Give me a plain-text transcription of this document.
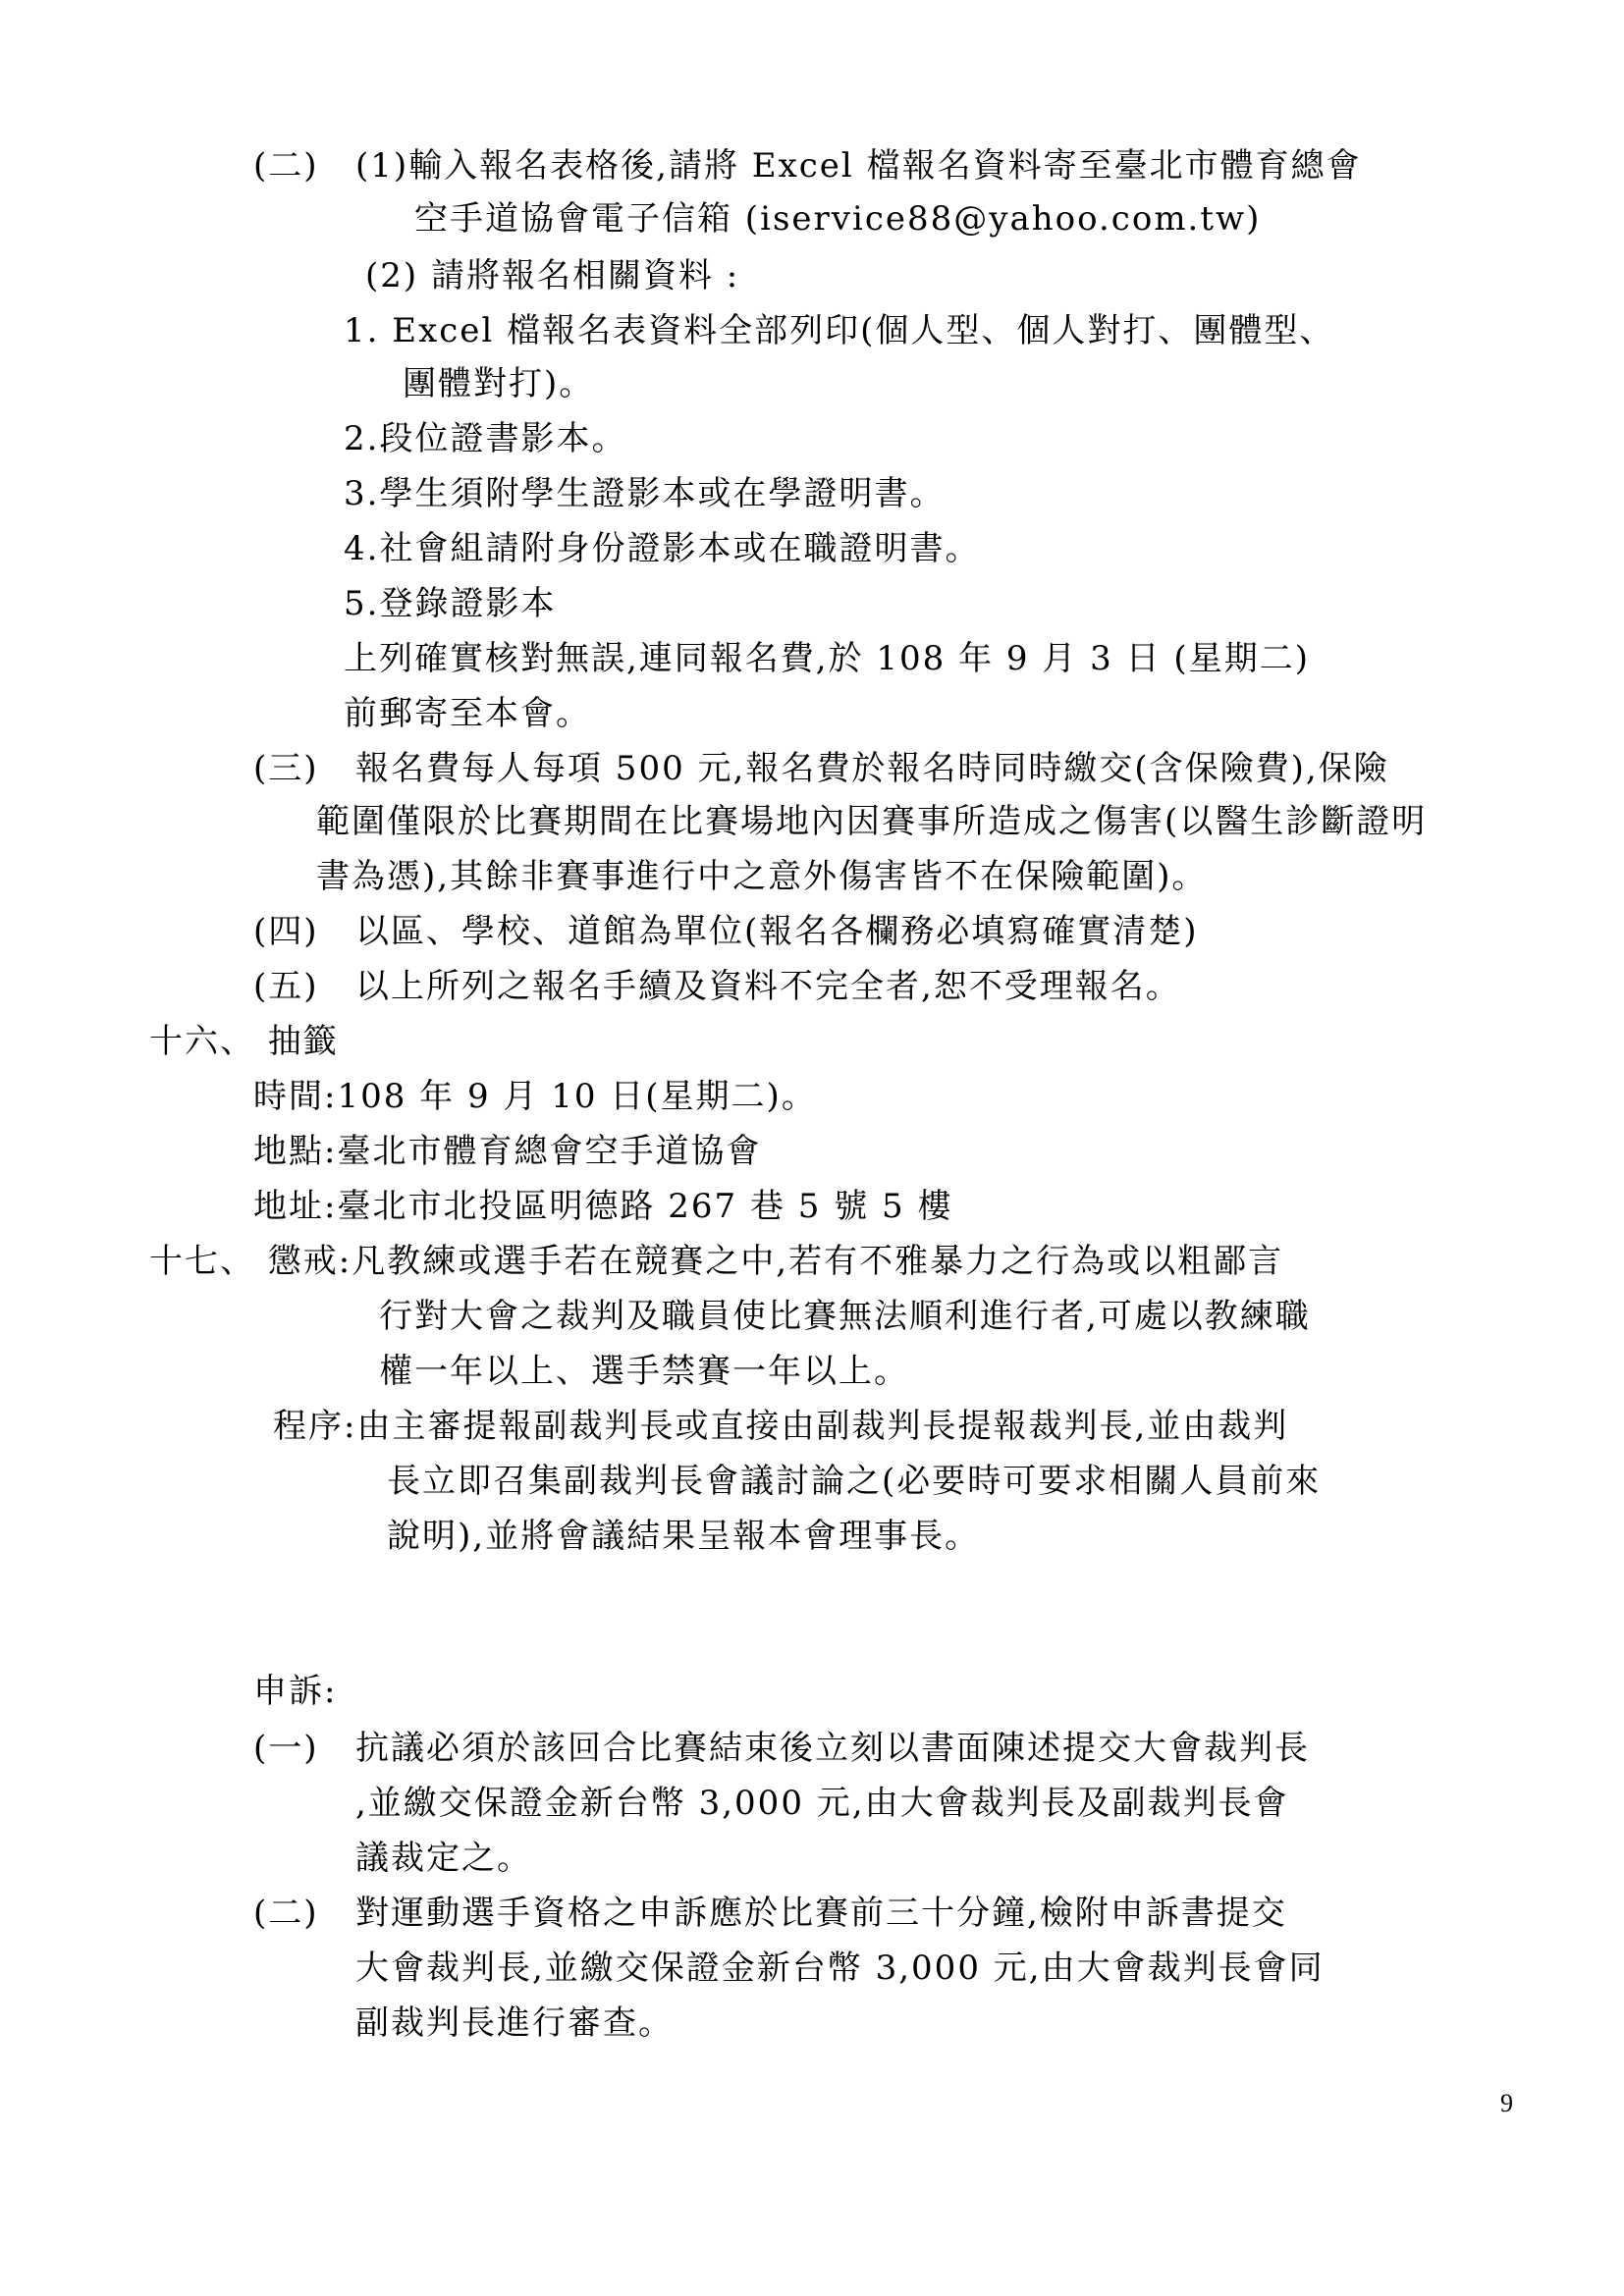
(二) (1)輸入報名表格後,請將 Excel 檔報名資料寄至臺北市體育總會
空手道協會電子信箱 (iservice88@yahoo.com.tw)
(2) 請將報名相關資料 :
1. Excel 檔報名表資料全部列印(個人型、個人對打、團體型、
團體對打)。
2.段位證書影本。
3.學生須附學生證影本或在學證明書。
4.社會組請附身份證影本或在職證明書。
5.登錄證影本
上列確實核對無誤,連同報名費,於 108 年 9 月 3 日 (星期二)
前郵寄至本會。
(三) 報名費每人每項 500 元,報名費於報名時同時繳交(含保險費),保險
範圍僅限於比賽期間在比賽場地內因賽事所造成之傷害(以醫生診斷證明
書為憑),其餘非賽事進行中之意外傷害皆不在保險範圍)。
(四) 以區、學校、道館為單位(報名各欄務必填寫確實清楚)
(五) 以上所列之報名手續及資料不完全者,恕不受理報名。
十六、 抽籤
時間:108 年 9 月 10 日(星期二)。
地點:臺北市體育總會空手道協會
地址:臺北市北投區明德路 267 巷 5 號 5 樓
十七、 懲戒:凡教練或選手若在競賽之中,若有不雅暴力之行為或以粗鄙言
行對大會之裁判及職員使比賽無法順利進行者,可處以教練職
權一年以上、選手禁賽一年以上。
程序:由主審提報副裁判長或直接由副裁判長提報裁判長,並由裁判
長立即召集副裁判長會議討論之(必要時可要求相關人員前來
說明),並將會議結果呈報本會理事長。
申訴:
(一) 抗議必須於該回合比賽結束後立刻以書面陳述提交大會裁判長
,並繳交保證金新台幣 3,000 元,由大會裁判長及副裁判長會
議裁定之。
(二) 對運動選手資格之申訴應於比賽前三十分鐘,檢附申訴書提交
大會裁判長,並繳交保證金新台幣 3,000 元,由大會裁判長會同
副裁判長進行審查。
9
